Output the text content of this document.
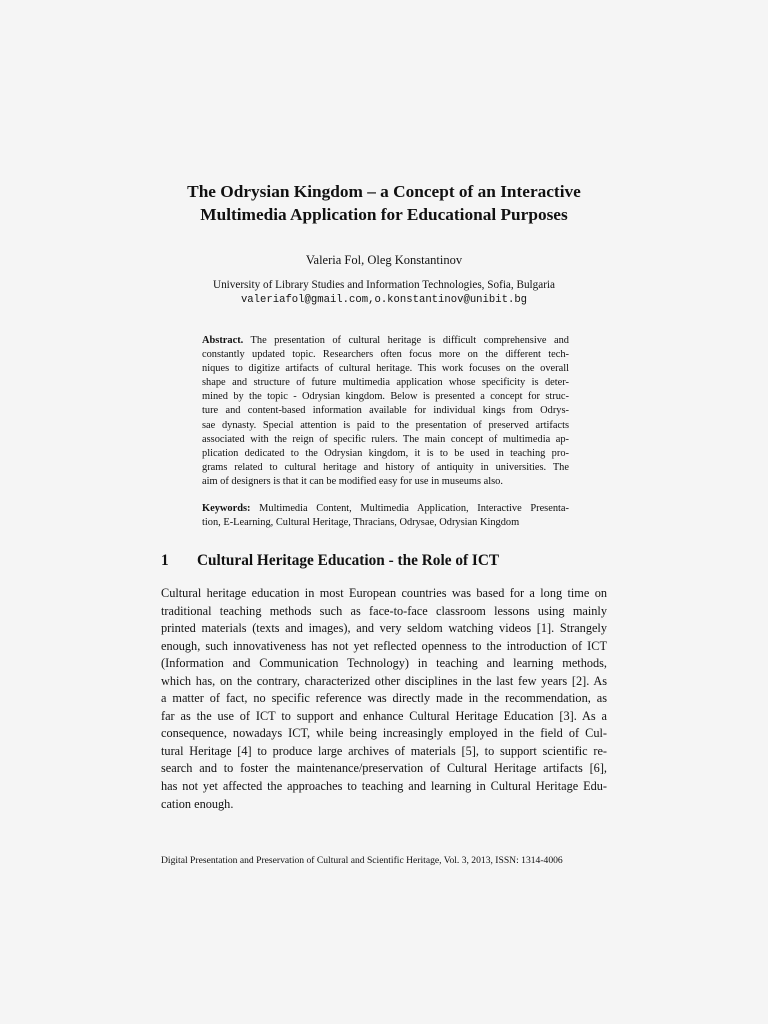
The Odrysian Kingdom – a Concept of an Interactive
Multimedia Application for Educational Purposes
Valeria Fol, Oleg Konstantinov
University of Library Studies and Information Technologies, Sofia, Bulgaria
valeriafol@gmail.com,o.konstantinov@unibit.bg
Abstract. The presentation of cultural heritage is difficult comprehensive and
constantly updated topic. Researchers often focus more on the different tech-
niques to digitize artifacts of cultural heritage. This work focuses on the overall
shape and structure of future multimedia application whose specificity is deter-
mined by the topic - Odrysian kingdom. Below is presented a concept for struc-
ture and content-based information available for individual kings from Odrys-
sae dynasty. Special attention is paid to the presentation of preserved artifacts
associated with the reign of specific rulers. The main concept of multimedia ap-
plication dedicated to the Odrysian kingdom, it is to be used in teaching pro-
grams related to cultural heritage and history of antiquity in universities. The
aim of designers is that it can be modified easy for use in museums also.
Keywords: Multimedia Content, Multimedia Application, Interactive Presenta-
tion, E-Learning, Cultural Heritage, Thracians, Odrysae, Odrysian Kingdom
1 Cultural Heritage Education - the Role of ICT
Cultural heritage education in most European countries was based for a long time on
traditional teaching methods such as face-to-face classroom lessons using mainly
printed materials (texts and images), and very seldom watching videos [1]. Strangely
enough, such innovativeness has not yet reflected openness to the introduction of ICT
(Information and Communication Technology) in teaching and learning methods,
which has, on the contrary, characterized other disciplines in the last few years [2]. As
a matter of fact, no specific reference was directly made in the recommendation, as
far as the use of ICT to support and enhance Cultural Heritage Education [3]. As a
consequence, nowadays ICT, while being increasingly employed in the field of Cul-
tural Heritage [4] to produce large archives of materials [5], to support scientific re-
search and to foster the maintenance/preservation of Cultural Heritage artifacts [6],
has not yet affected the approaches to teaching and learning in Cultural Heritage Edu-
cation enough.
Digital Presentation and Preservation of Cultural and Scientific Heritage, Vol. 3, 2013, ISSN: 1314-4006
